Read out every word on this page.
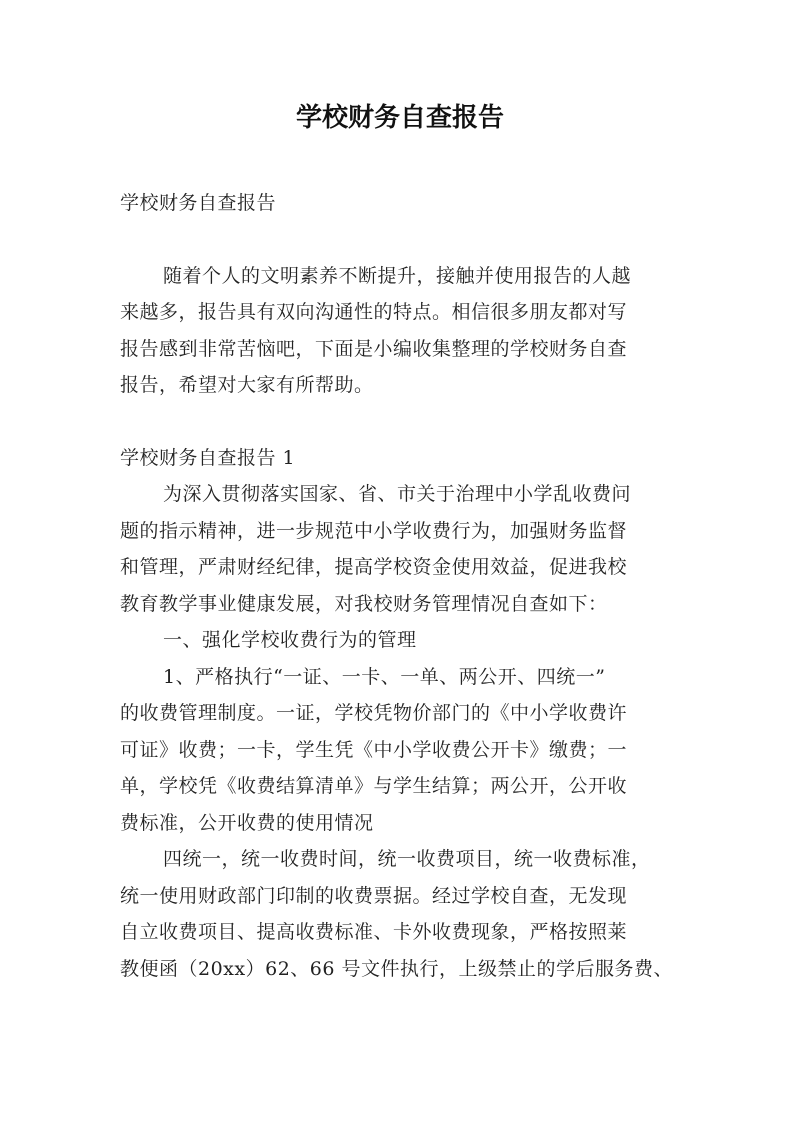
学校财务自查报告
学校财务自查报告
随着个人的文明素养不断提升，接触并使用报告的人越
来越多，报告具有双向沟通性的特点。相信很多朋友都对写
报告感到非常苦恼吧，下面是小编收集整理的学校财务自查
报告，希望对大家有所帮助。
学校财务自查报告 1
为深入贯彻落实国家、省、市关于治理中小学乱收费问
题的指示精神，进一步规范中小学收费行为，加强财务监督
和管理，严肃财经纪律，提高学校资金使用效益，促进我校
教育教学事业健康发展，对我校财务管理情况自查如下：
一、强化学校收费行为的管理
1、严格执行“一证、一卡、一单、两公开、四统一”
的收费管理制度。一证，学校凭物价部门的《中小学收费许
可证》收费；一卡，学生凭《中小学收费公开卡》缴费；一
单，学校凭《收费结算清单》与学生结算；两公开，公开收
费标准，公开收费的使用情况
四统一，统一收费时间，统一收费项目，统一收费标准，
统一使用财政部门印制的收费票据。经过学校自查，无发现
自立收费项目、提高收费标准、卡外收费现象，严格按照莱
教便函（20xx）62、66 号文件执行，上级禁止的学后服务费、
